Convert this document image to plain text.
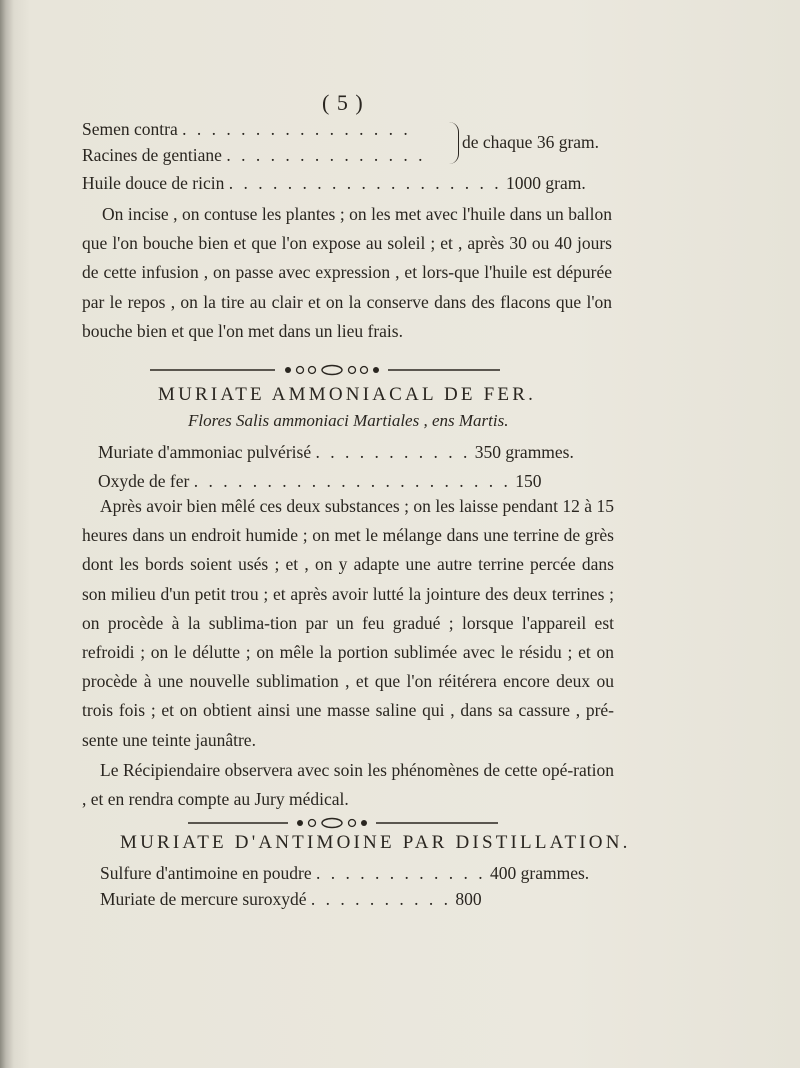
( 5 )
Semen contra . . . . . . . . . . . . . . . .
Racines de gentiane . . . . . . . . . . . . . .
de chaque 36 gram.
Huile douce de ricin . . . . . . . . . . . . . . . . . . . 1000 gram.
On incise , on contuse les plantes ; on les met avec l'huile dans un ballon que l'on bouche bien et que l'on expose au soleil ; et , après 30 ou 40 jours de cette infusion , on passe avec expression , et lors-que l'huile est dépurée par le repos , on la tire au clair et on la conserve dans des flacons que l'on bouche bien et que l'on met dans un lieu frais.
MURIATE AMMONIACAL DE FER.
Flores Salis ammoniaci Martiales , ens Martis.
Muriate d'ammoniac pulvérisé . . . . . . . . . . . 350 grammes.
Oxyde de fer . . . . . . . . . . . . . . . . . . . . . . 150
Après avoir bien mêlé ces deux substances ; on les laisse pendant 12 à 15 heures dans un endroit humide ; on met le mélange dans une terrine de grès dont les bords soient usés ; et , on y adapte une autre terrine percée dans son milieu d'un petit trou ; et après avoir lutté la jointure des deux terrines ; on procède à la sublima-tion par un feu gradué ; lorsque l'appareil est refroidi ; on le délutte ; on mêle la portion sublimée avec le résidu ; et on procède à une nouvelle sublimation , et que l'on réitérera encore deux ou trois fois ; et on obtient ainsi une masse saline qui , dans sa cassure , pré-sente une teinte jaunâtre.
Le Récipiendaire observera avec soin les phénomènes de cette opé-ration , et en rendra compte au Jury médical.
MURIATE D'ANTIMOINE PAR DISTILLATION.
Sulfure d'antimoine en poudre . . . . . . . . . . . . 400 grammes.
Muriate de mercure suroxydé . . . . . . . . . . 800
